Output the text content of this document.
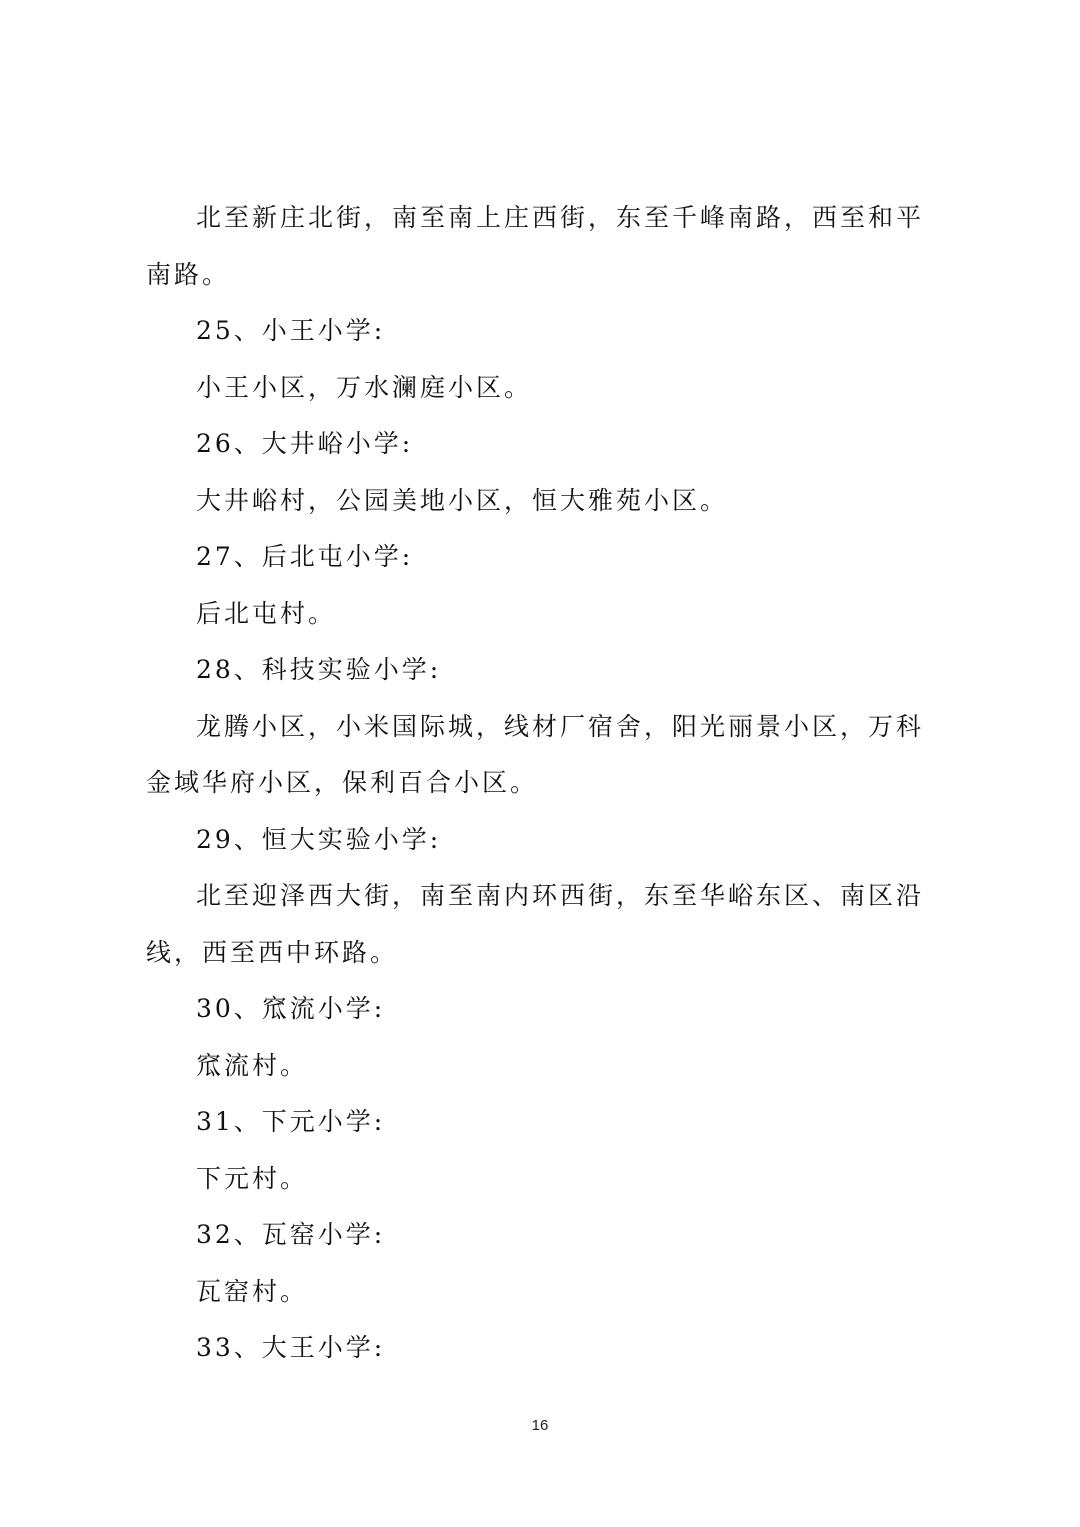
北至新庄北街，南至南上庄西街，东至千峰南路，西至和平南路。

25、小王小学:

小王小区，万水澜庭小区。

26、大井峪小学:

大井峪村，公园美地小区，恒大雅苑小区。

27、后北屯小学:

后北屯村。

28、科技实验小学:

龙腾小区，小米国际城，线材厂宿舍，阳光丽景小区，万科金域华府小区，保利百合小区。

29、恒大实验小学:

北至迎泽西大街，南至南内环西街，东至华峪东区、南区沿线，西至西中环路。

30、窊流小学:

窊流村。

31、下元小学:

下元村。

32、瓦窑小学:

瓦窑村。

33、大王小学:

16
